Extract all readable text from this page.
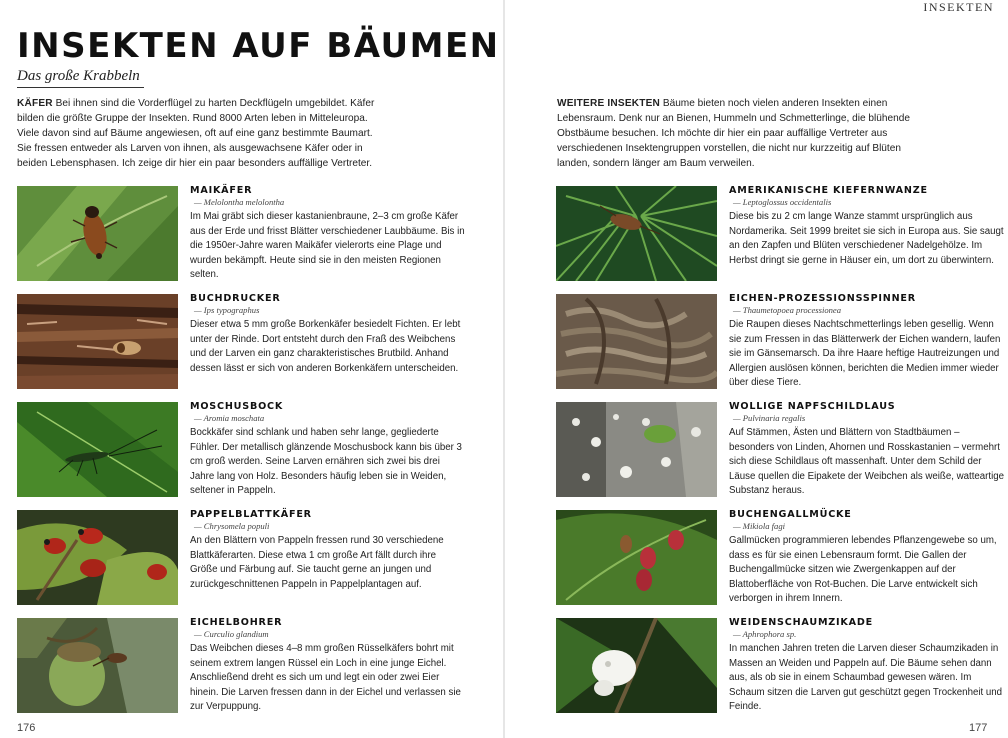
INSEKTEN
INSEKTEN AUF BÄUMEN
Das große Krabbeln

KÄFER Bei ihnen sind die Vorderflügel zu harten Deckflügeln umgebildet. Käfer bilden die größte Gruppe der Insekten. Rund 8000 Arten leben in Mitteleuropa. Viele davon sind auf Bäume angewiesen, oft auf eine ganz bestimmte Baumart. Sie fressen entweder als Larven von ihnen, als ausgewachsene Käfer oder in beiden Lebensphasen. Ich zeige dir hier ein paar besonders auffällige Vertreter.

WEITERE INSEKTEN Bäume bieten noch vielen anderen Insekten einen Lebensraum. Denk nur an Bienen, Hummeln und Schmetterlinge, die blühende Obstbäume besuchen. Ich möchte dir hier ein paar auffällige Vertreter aus verschiedenen Insektengruppen vorstellen, die nicht nur kurzzeitig auf Blüten landen, sondern länger am Baum verweilen.

MAIKÄFER
— Melolontha melolontha
Im Mai gräbt sich dieser kastanienbraune, 2–3 cm große Käfer aus der Erde und frisst Blätter verschiedener Laubbäume. Bis in die 1950er-Jahre waren Maikäfer vielerorts eine Plage und wurden bekämpft. Heute sind sie in den meisten Regionen selten.
BUCHDRUCKER
— Ips typographus
Dieser etwa 5 mm große Borkenkäfer besiedelt Fichten. Er lebt unter der Rinde. Dort entsteht durch den Fraß des Weibchens und der Larven ein ganz charakteristisches Brutbild. Anhand dessen lässt er sich von anderen Borkenkäfern unterscheiden.
MOSCHUSBOCK
— Aromia moschata
Bockkäfer sind schlank und haben sehr lange, gegliederte Fühler. Der metallisch glänzende Moschusbock kann bis über 3 cm groß werden. Seine Larven ernähren sich zwei bis drei Jahre lang von Holz. Besonders häufig leben sie in Weiden, seltener in Pappeln.
PAPPELBLATTKÄFER
— Chrysomela populi
An den Blättern von Pappeln fressen rund 30 verschiedene Blattkäferarten. Diese etwa 1 cm große Art fällt durch ihre Größe und Färbung auf. Sie taucht gerne an jungen und zurückgeschnittenen Pappeln in Pappelplantagen auf.
EICHELBOHRER
— Curculio glandium
Das Weibchen dieses 4–8 mm großen Rüsselkäfers bohrt mit seinem extrem langen Rüssel ein Loch in eine junge Eichel. Anschließend dreht es sich um und legt ein oder zwei Eier hinein. Die Larven fressen dann in der Eichel und verlassen sie zur Verpuppung.
AMERIKANISCHE KIEFERNWANZE
— Leptoglossus occidentalis
Diese bis zu 2 cm lange Wanze stammt ursprünglich aus Nordamerika. Seit 1999 breitet sie sich in Europa aus. Sie saugt an den Zapfen und Blüten verschiedener Nadelgehölze. Im Herbst dringt sie gerne in Häuser ein, um dort zu überwintern.
EICHEN-PROZESSIONSSPINNER
— Thaumetopoea processionea
Die Raupen dieses Nachtschmetterlings leben gesellig. Wenn sie zum Fressen in das Blätterwerk der Eichen wandern, laufen sie im Gänsemarsch. Da ihre Haare heftige Hautreizungen und Allergien auslösen können, berichten die Medien immer wieder über diese Tiere.
WOLLIGE NAPFSCHILDLAUS
— Pulvinaria regalis
Auf Stämmen, Ästen und Blättern von Stadtbäumen – besonders von Linden, Ahornen und Rosskastanien – vermehrt sich diese Schildlaus oft massenhaft. Unter dem Schild der Läuse quellen die Eipakete der Weibchen als weiße, watteartige Substanz heraus.
BUCHENGALLMÜCKE
— Mikiola fagi
Gallmücken programmieren lebendes Pflanzengewebe so um, dass es für sie einen Lebensraum formt. Die Gallen der Buchengallmücke sitzen wie Zwergenkappen auf der Blattoberfläche von Rot-Buchen. Die Larve entwickelt sich verborgen in ihrem Innern.
WEIDENSCHAUMZIKADE
— Aphrophora sp.
In manchen Jahren treten die Larven dieser Schaumzikaden in Massen an Weiden und Pappeln auf. Die Bäume sehen dann aus, als ob sie in einem Schaumbad gewesen wären. Im Schaum sitzen die Larven gut geschützt gegen Trockenheit und Feinde.
176	177
